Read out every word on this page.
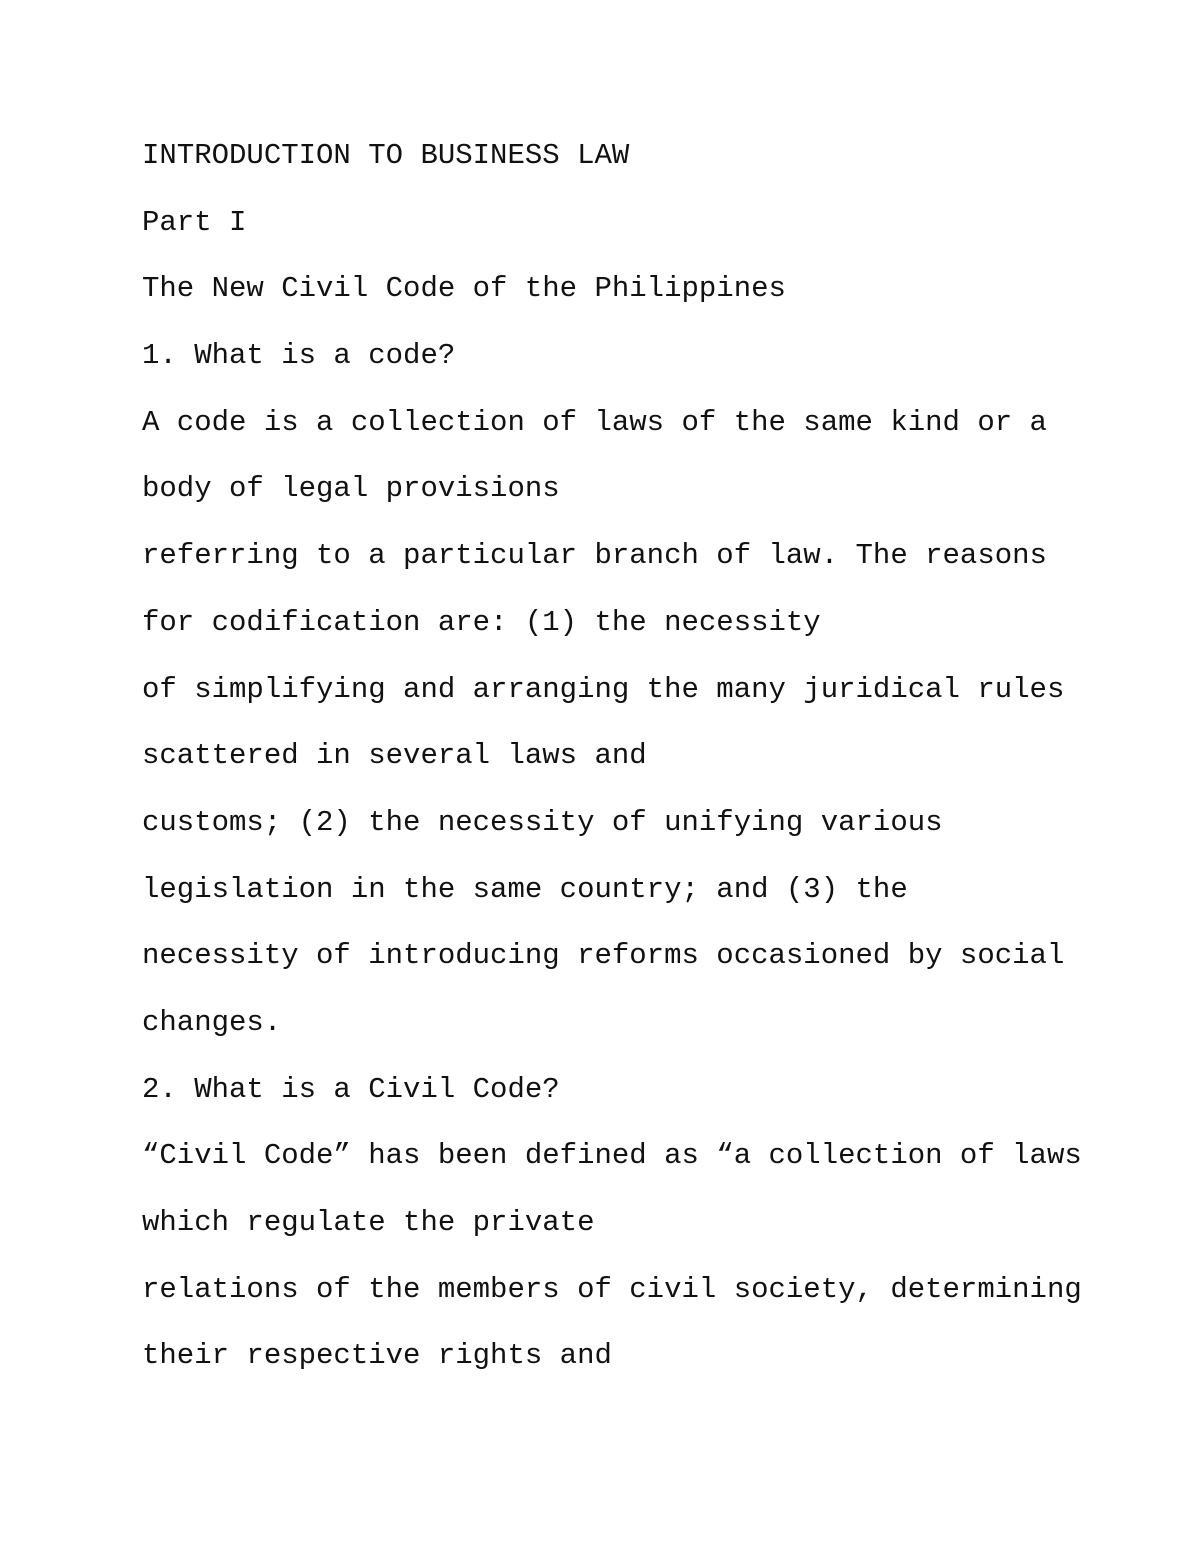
INTRODUCTION TO BUSINESS LAW

Part I

The New Civil Code of the Philippines

1. What is a code?

A code is a collection of laws of the same kind or a

body of legal provisions

referring to a particular branch of law. The reasons

for codification are: (1) the necessity

of simplifying and arranging the many juridical rules

scattered in several laws and

customs; (2) the necessity of unifying various

legislation in the same country; and (3) the

necessity of introducing reforms occasioned by social

changes.

2. What is a Civil Code?

“Civil Code” has been defined as “a collection of laws

which regulate the private

relations of the members of civil society, determining

their respective rights and
